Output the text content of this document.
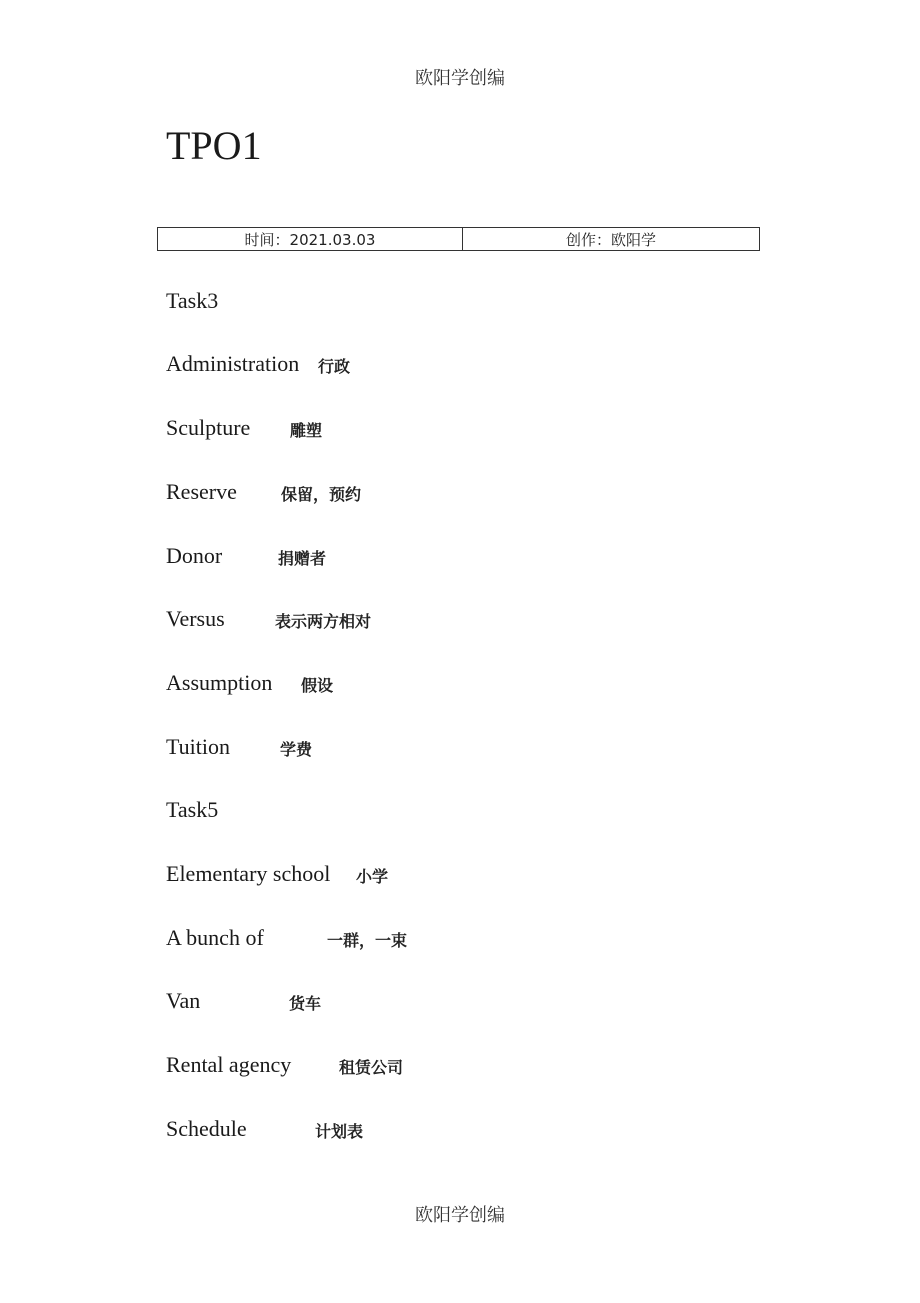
欧阳学创编
TPO1
时间：2021.03.03	创作：欧阳学
Task3
Administration 行政
Sculpture 雕塑
Reserve	保留，预约
Donor	捐赠者
Versus	表示两方相对
Assumption 假设
Tuition	学费
Task5
Elementary school 小学
A bunch of	一群，一束
Van	货车
Rental agency	租赁公司
Schedule	计划表
欧阳学创编
